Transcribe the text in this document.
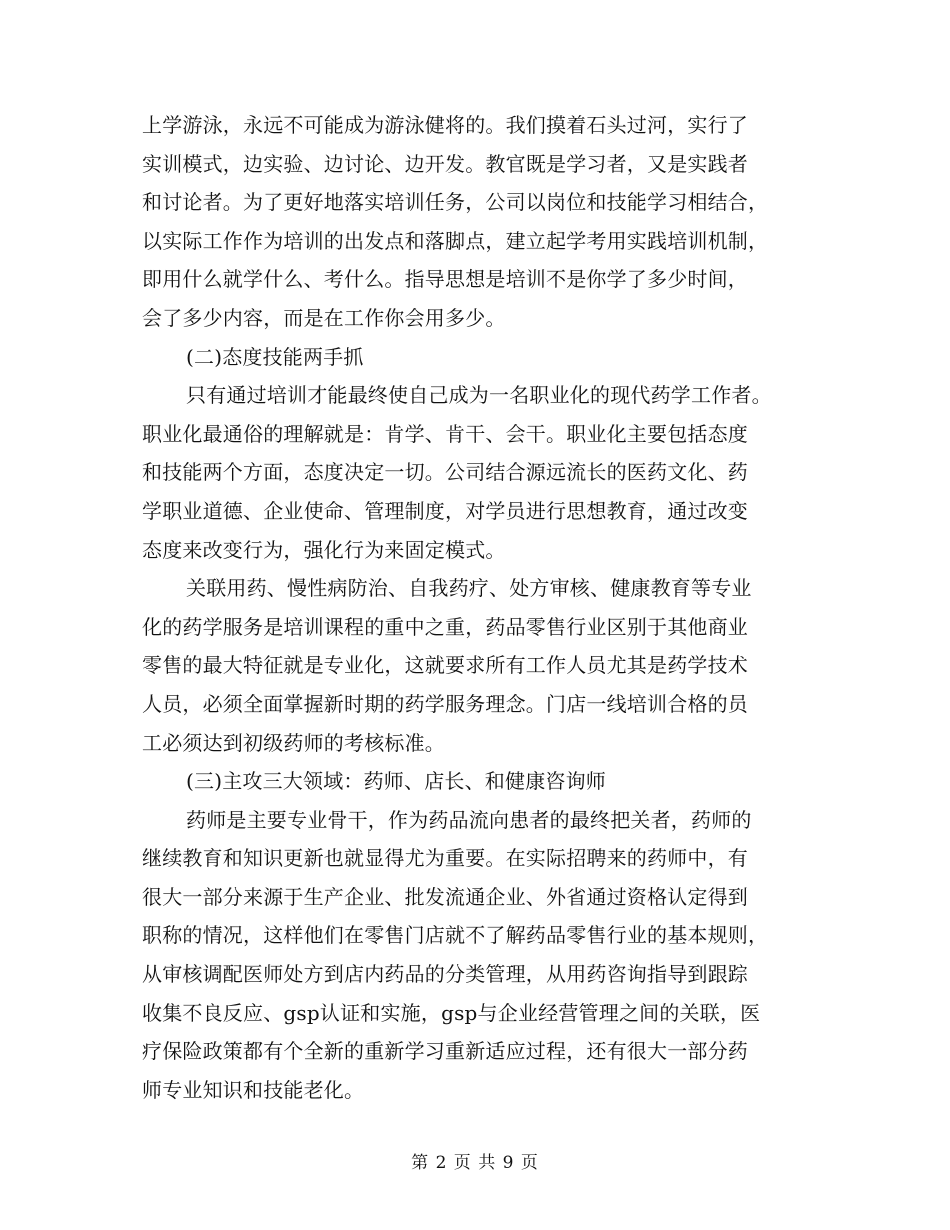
上学游泳，永远不可能成为游泳健将的。我们摸着石头过河，实行了
实训模式，边实验、边讨论、边开发。教官既是学习者，又是实践者
和讨论者。为了更好地落实培训任务，公司以岗位和技能学习相结合，
以实际工作作为培训的出发点和落脚点，建立起学考用实践培训机制，
即用什么就学什么、考什么。指导思想是培训不是你学了多少时间，
会了多少内容，而是在工作你会用多少。
(二)态度技能两手抓
只有通过培训才能最终使自己成为一名职业化的现代药学工作者。
职业化最通俗的理解就是：肯学、肯干、会干。职业化主要包括态度
和技能两个方面，态度决定一切。公司结合源远流长的医药文化、药
学职业道德、企业使命、管理制度，对学员进行思想教育，通过改变
态度来改变行为，强化行为来固定模式。
关联用药、慢性病防治、自我药疗、处方审核、健康教育等专业
化的药学服务是培训课程的重中之重，药品零售行业区别于其他商业
零售的最大特征就是专业化，这就要求所有工作人员尤其是药学技术
人员，必须全面掌握新时期的药学服务理念。门店一线培训合格的员
工必须达到初级药师的考核标准。
(三)主攻三大领域：药师、店长、和健康咨询师
药师是主要专业骨干，作为药品流向患者的最终把关者，药师的
继续教育和知识更新也就显得尤为重要。在实际招聘来的药师中，有
很大一部分来源于生产企业、批发流通企业、外省通过资格认定得到
职称的情况，这样他们在零售门店就不了解药品零售行业的基本规则，
从审核调配医师处方到店内药品的分类管理，从用药咨询指导到跟踪
收集不良反应、gsp认证和实施，gsp与企业经营管理之间的关联，医
疗保险政策都有个全新的重新学习重新适应过程，还有很大一部分药
师专业知识和技能老化。
第 2 页 共 9 页
